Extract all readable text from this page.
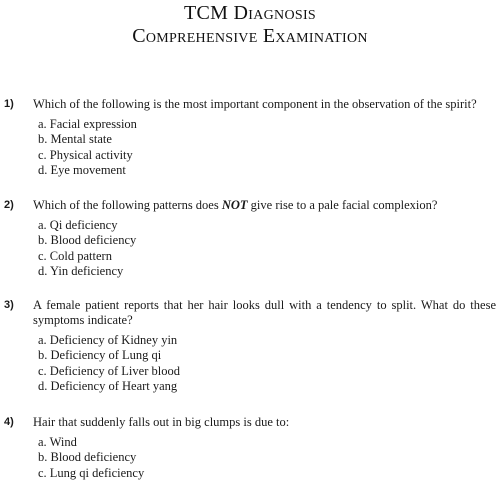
TCM Diagnosis
Comprehensive Examination
1) Which of the following is the most important component in the observation of the spirit?
a. Facial expression
b. Mental state
c. Physical activity
d. Eye movement
2) Which of the following patterns does NOT give rise to a pale facial complexion?
a. Qi deficiency
b. Blood deficiency
c. Cold pattern
d. Yin deficiency
3) A female patient reports that her hair looks dull with a tendency to split. What do these symptoms indicate?
a. Deficiency of Kidney yin
b. Deficiency of Lung qi
c. Deficiency of Liver blood
d. Deficiency of Heart yang
4) Hair that suddenly falls out in big clumps is due to:
a. Wind
b. Blood deficiency
c. Lung qi deficiency
